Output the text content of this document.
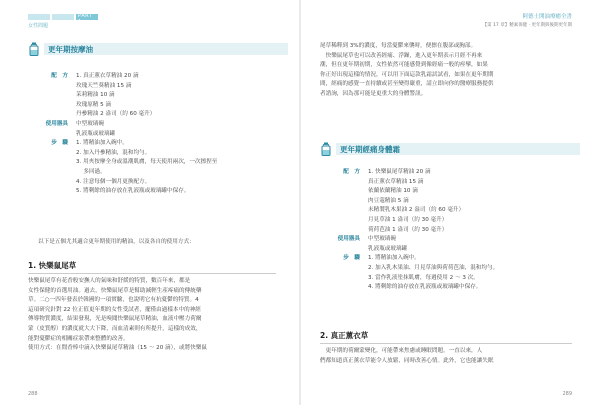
PART 1
女性問題
更年期按摩油
配　方	1. 真正薰衣草精油 20 滴
玫瑰天竺葵精油 15 滴
茉莉精油 10 滴
玫瑰原精 5 滴
丹參精油 2 盎司（約 60 毫升）
使用器具	中型玻璃碗
乳液瓶或玻璃罐
步　驟	1. 將精油加入碗中。
2. 加入丹參精油，混和均勻。
3. 用夾按摩全身或溫潮肌膚，每天使用兩次，一次擦捏至
　 多回過。
4. 注意每個一個月更換配方。
5. 將剩餘的油存放在乳液瓶或玻璃罐中保存。
以下是五個尤其適合更年期使用的精油，以及各自的使用方式：
1. 快樂鼠尾草
快樂鼠尾草有花香般安撫人的氣味和舒緩的特質，數百年來，都是
女性保健的首選用油。過去，快樂鼠尾草是幫助減輕生產疼痛的傳統藥
草。二○一四年發表於韓國的一項實驗，也說明它有抗憂鬱的特質。4
這項研究針對 22 位正值更年期的女性受試者，擺僅由過樣本中的神經
傳導物質濃度，結果發現，光是嗅聞快樂鼠尾草精油，血液中壓力荷爾
蒙（皮質醇）的濃度就大大下降，而血清素則有所提升，這樣的成效，
能對憂鬱症的相關症狀帶來整體的改善。
使用方式：在閒香棒中滴入快樂鼠尾草精油（15 ～ 20 滴），或將快樂鼠
288
阿德士開油療癒全書
【第 17 章】精素保健 · 更年期與後期更年期
尾草稀釋到 3%的濃度，每當憂鬱來襲時，便擦在腹部或胸部。
　快樂鼠尾草也可以改善經痛、浮躁，進入更年期表示月經不再來
潮，但在更年期初期，女性依然可能感覺到像經痛一般的痙攣，如果
你正好出現這樣的情況，可以用下面這款乳霜試試看，如果在更年期期
間，經痛的感覺一直持續或甚至變得嚴重，請立即向你的醫療服務提供
者諮詢，因為那可能是更重大的身體警訊。
更年期經痛身體霜
配　方	1. 快樂鼠尾草精油 20 滴
真正薰衣草精油 15 滴
依蘭依蘭精油 10 滴
肉豆蔻精油 5 滴
未精製乳木果油 2 盎司（約 60 毫升）
月見草油 1 盎司（約 30 毫升）
荷荷芭油 1 盎司（約 30 毫升）
使用器具	中型玻璃碗
乳液瓶或玻璃罐
步　驟	1. 將精油加入碗中。
2. 加入乳木果油、月見草油與荷荷芭油，混和均勻。
3. 當作乳液塗抹肌膚，每週使用 2 ～ 3 次。
4. 將剩餘的油存放在乳液瓶或玻璃罐中保存。
2. 真正薰衣草
　更年期的荷爾蒙變化，可能帶來焦慮或睡眠問題。一直以來，人
們都知道真正薰衣草能令人放鬆，同時改善心情。此外，它也能讓失眠
289
